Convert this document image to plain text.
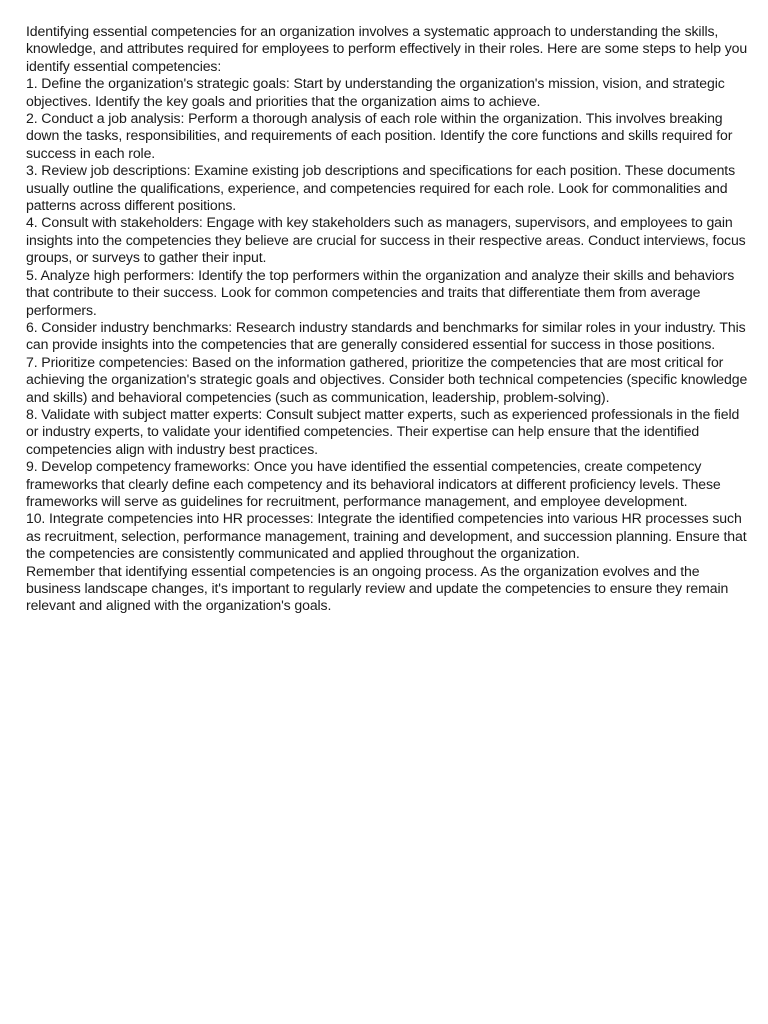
Identifying essential competencies for an organization involves a systematic approach to understanding the skills, knowledge, and attributes required for employees to perform effectively in their roles. Here are some steps to help you identify essential competencies:

1. Define the organization's strategic goals: Start by understanding the organization's mission, vision, and strategic objectives. Identify the key goals and priorities that the organization aims to achieve.

2. Conduct a job analysis: Perform a thorough analysis of each role within the organization. This involves breaking down the tasks, responsibilities, and requirements of each position. Identify the core functions and skills required for success in each role.

3. Review job descriptions: Examine existing job descriptions and specifications for each position. These documents usually outline the qualifications, experience, and competencies required for each role. Look for commonalities and patterns across different positions.

4. Consult with stakeholders: Engage with key stakeholders such as managers, supervisors, and employees to gain insights into the competencies they believe are crucial for success in their respective areas. Conduct interviews, focus groups, or surveys to gather their input.

5. Analyze high performers: Identify the top performers within the organization and analyze their skills and behaviors that contribute to their success. Look for common competencies and traits that differentiate them from average performers.

6. Consider industry benchmarks: Research industry standards and benchmarks for similar roles in your industry. This can provide insights into the competencies that are generally considered essential for success in those positions.

7. Prioritize competencies: Based on the information gathered, prioritize the competencies that are most critical for achieving the organization's strategic goals and objectives. Consider both technical competencies (specific knowledge and skills) and behavioral competencies (such as communication, leadership, problem-solving).

8. Validate with subject matter experts: Consult subject matter experts, such as experienced professionals in the field or industry experts, to validate your identified competencies. Their expertise can help ensure that the identified competencies align with industry best practices.

9. Develop competency frameworks: Once you have identified the essential competencies, create competency frameworks that clearly define each competency and its behavioral indicators at different proficiency levels. These frameworks will serve as guidelines for recruitment, performance management, and employee development.

10. Integrate competencies into HR processes: Integrate the identified competencies into various HR processes such as recruitment, selection, performance management, training and development, and succession planning. Ensure that the competencies are consistently communicated and applied throughout the organization.

Remember that identifying essential competencies is an ongoing process. As the organization evolves and the business landscape changes, it's important to regularly review and update the competencies to ensure they remain relevant and aligned with the organization's goals.
